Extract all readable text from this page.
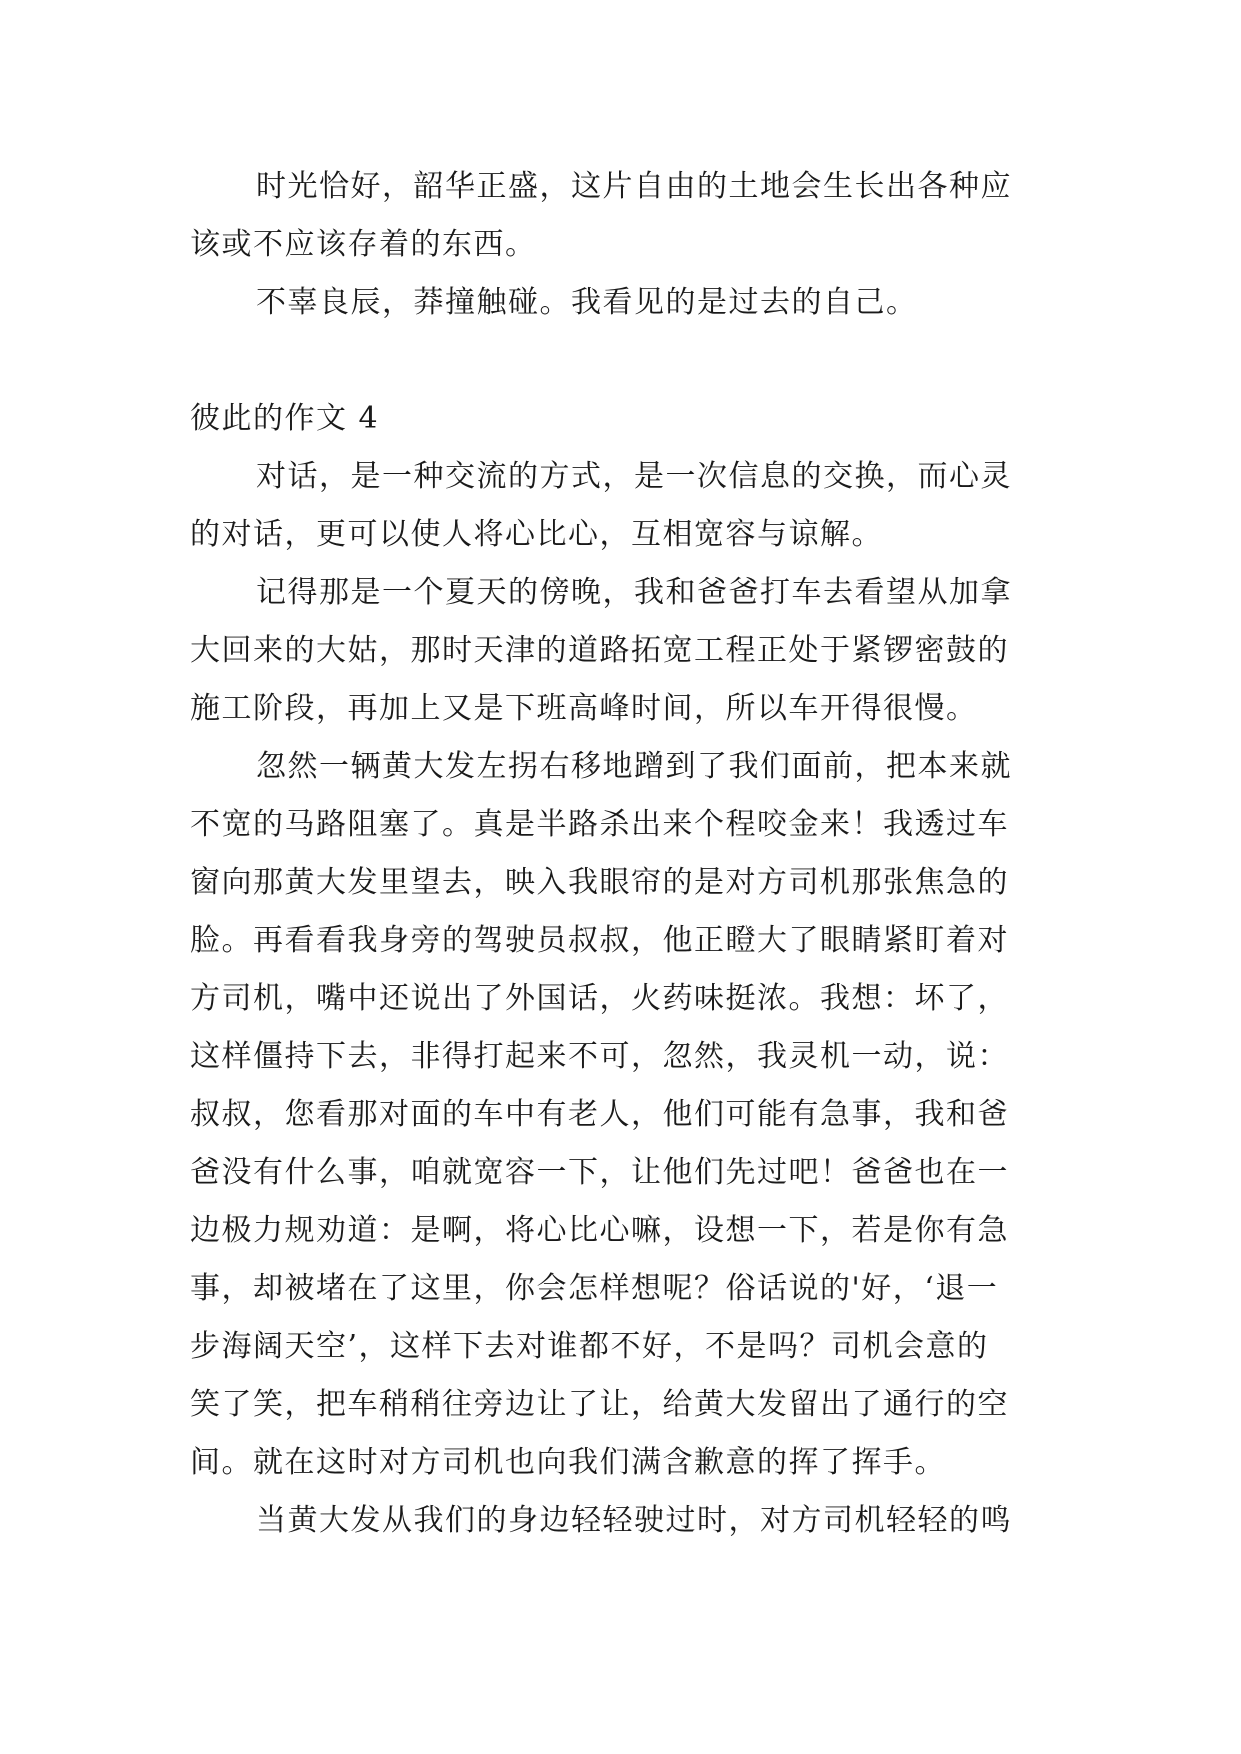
时光恰好，韶华正盛，这片自由的土地会生长出各种应
该或不应该存着的东西。
不辜良辰，莽撞触碰。我看见的是过去的自己。
彼此的作文 4
对话，是一种交流的方式，是一次信息的交换，而心灵
的对话，更可以使人将心比心，互相宽容与谅解。
记得那是一个夏天的傍晚，我和爸爸打车去看望从加拿
大回来的大姑，那时天津的道路拓宽工程正处于紧锣密鼓的
施工阶段，再加上又是下班高峰时间，所以车开得很慢。
忽然一辆黄大发左拐右移地蹭到了我们面前，把本来就
不宽的马路阻塞了。真是半路杀出来个程咬金来！我透过车
窗向那黄大发里望去，映入我眼帘的是对方司机那张焦急的
脸。再看看我身旁的驾驶员叔叔，他正瞪大了眼睛紧盯着对
方司机，嘴中还说出了外国话，火药味挺浓。我想：坏了，
这样僵持下去，非得打起来不可，忽然，我灵机一动，说：
叔叔，您看那对面的车中有老人，他们可能有急事，我和爸
爸没有什么事，咱就宽容一下，让他们先过吧！爸爸也在一
边极力规劝道：是啊，将心比心嘛，设想一下，若是你有急
事，却被堵在了这里，你会怎样想呢？俗话说的'好，‘退一
步海阔天空’，这样下去对谁都不好，不是吗？司机会意的
笑了笑，把车稍稍往旁边让了让，给黄大发留出了通行的空
间。就在这时对方司机也向我们满含歉意的挥了挥手。
当黄大发从我们的身边轻轻驶过时，对方司机轻轻的鸣
